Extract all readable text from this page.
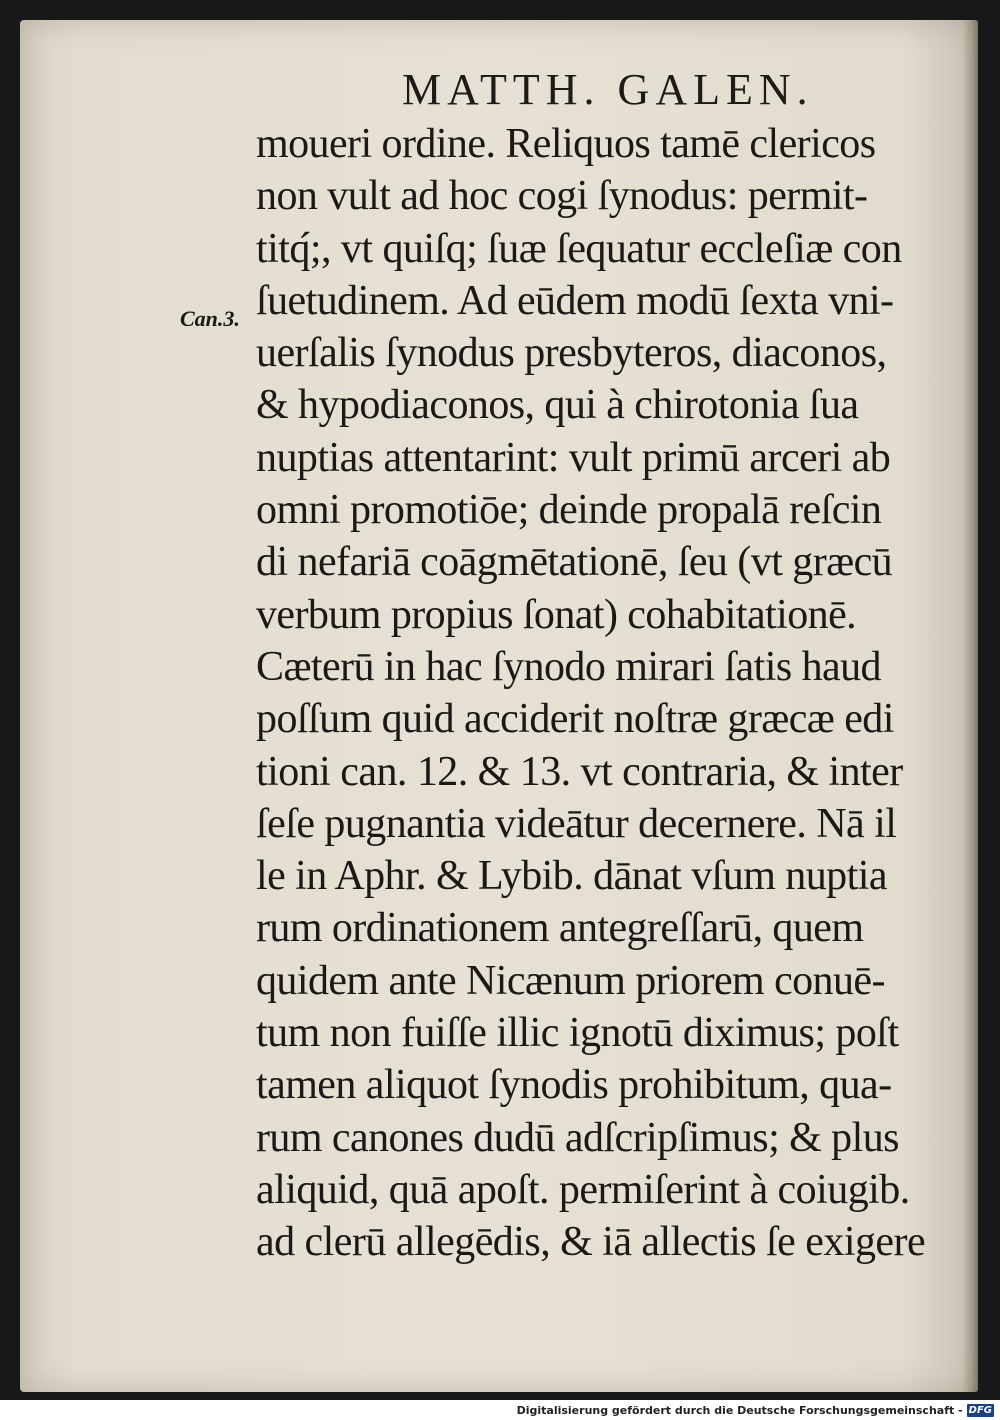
MATTH. GALEN.
Can.3.
moueri ordine. Reliquos tamē clericos
non vult ad hoc cogi ſynodus: permit-
titq́;, vt quiſq; ſuæ ſequatur eccleſiæ con
ſuetudinem. Ad eūdem modū ſexta vni-
uerſalis ſynodus presbyteros, diaconos,
& hypodiaconos, qui à chirotonia ſua
nuptias attentarint: vult primū arceri ab
omni promotiōe; deinde propalā reſcin
di nefariā coāgmētationē, ſeu (vt græcū
verbum propius ſonat) cohabitationē.
Cæterū in hac ſynodo mirari ſatis haud
poſſum quid acciderit noſtræ græcæ edi
tioni can. 12. & 13. vt contraria, & inter
ſeſe pugnantia videātur decernere. Nā il
le in Aphr. & Lybib. dānat vſum nuptia
rum ordinationem antegreſſarū, quem
quidem ante Nicænum priorem conuē-
tum non fuiſſe illic ignotū diximus; poſt
tamen aliquot ſynodis prohibitum, qua-
rum canones dudū adſcripſimus; & plus
aliquid, quā apoſt. permiſerint à coiugib.
ad clerū allegēdis, & iā allectis ſe exigere
Digitalisierung gefördert durch die Deutsche Forschungsgemeinschaft - DFG
